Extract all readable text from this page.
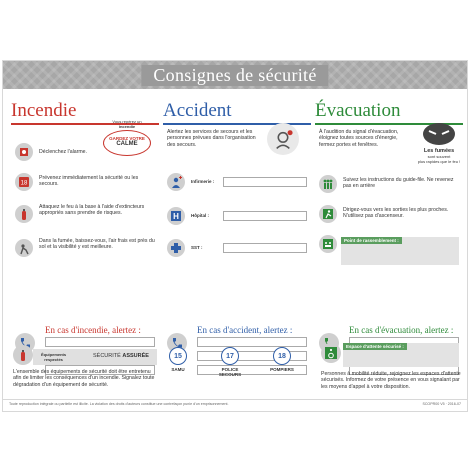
Consignes de sécurité
Incendie
Vous repérez un
incendie
GARDEZ VOTRE
CALME
Déclenchez l'alarme.
18
Prévenez immédiatement la sécurité ou les secours.
Attaquez le feu à la base à l'aide d'extincteurs appropriés sans prendre de risques.
Dans la fumée, baissez-vous, l'air frais est près du sol et la visibilité y est meilleure.
En cas d'incendie, alertez :
Équipements
respectés
SÉCURITÉ ASSURÉE
L'ensemble des équipements de sécurité doit être entretenu afin de limiter les conséquences d'un incendie. Signalez toute dégradation d'un équipement de sécurité.
Accident
Alertez les services de secours et les personnes prévues dans l'organisation des secours.
Infirmerie :
H	Hôpital :
SST :
En cas d'accident, alertez :
15
SAMU
17
POLICE SECOURS
18
POMPIERS
Évacuation
À l'audition du signal d'évacuation, éloignez toutes sources d'énergie, fermez portes et fenêtres.
Les fumées
sont souvent
plus rapides que le feu !
Suivez les instructions du guide-file. Ne revenez pas en arrière
Dirigez-vous vers les sorties les plus proches. N'utilisez pas d'ascenseur.
Point de rassemblement :
En cas d'évacuation, alertez :
Espace d'attente sécurisé :
Personnes à mobilité réduite, rejoignez les espaces d'attente sécurisés. Informez de votre présence en vous signalant par les moyens d'appel à votre disposition.
Toute reproduction intégrale ou partielle est illicite. La violation des droits d'auteurs constitue une contrefaçon punie d'un emprisonnement.	SCOPR00 V5 · 2016-07
